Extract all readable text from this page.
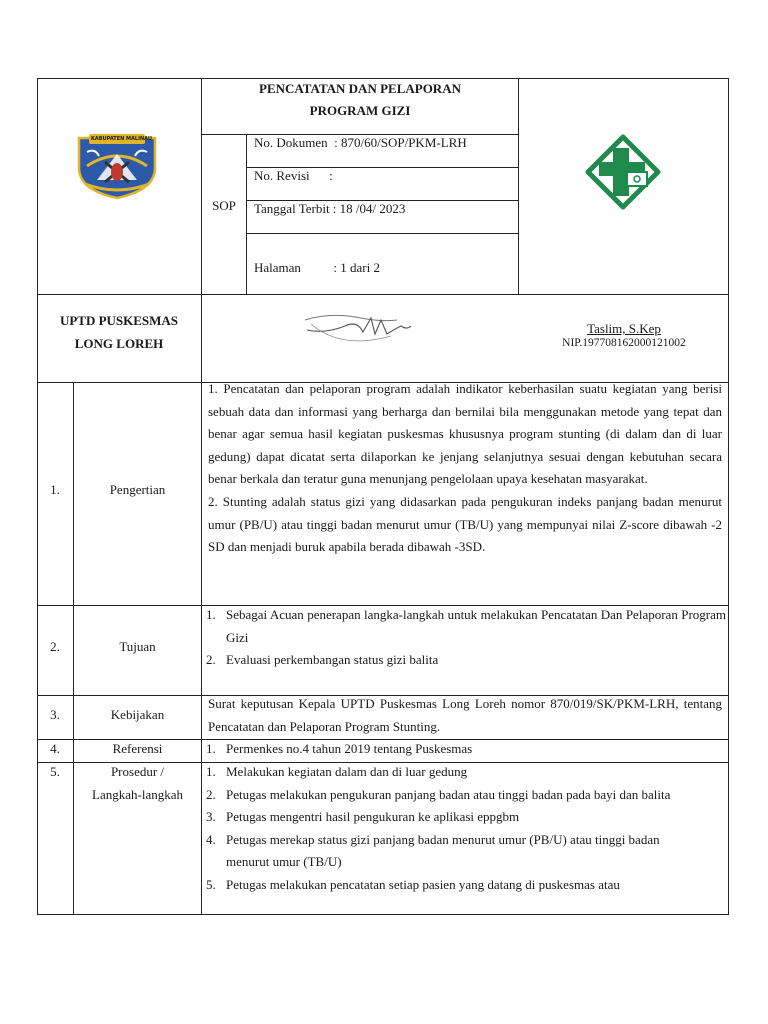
KABUPATEN MALINAU
PENCATATAN DAN PELAPORAN
PROGRAM GIZI
SOP
No. Dokumen  : 870/60/SOP/PKM-LRH
No. Revisi      :
Tanggal Terbit : 18 /04/ 2023
Halaman          : 1 dari 2
UPTD PUSKESMAS
LONG LOREH
Taslim, S.Kep
NIP.197708162000121002
1.	Pengertian

1. Pencatatan dan pelaporan program adalah indikator keberhasilan suatu kegiatan yang berisi sebuah data dan informasi yang berharga dan bernilai bila menggunakan metode yang tepat dan benar agar semua hasil kegiatan puskesmas khususnya program stunting (di dalam dan di luar gedung) dapat dicatat serta dilaporkan ke jenjang selanjutnya sesuai dengan kebutuhan secara benar berkala dan teratur guna menunjang pengelolaan upaya kesehatan masyarakat.

2. Stunting adalah status gizi yang didasarkan pada pengukuran indeks panjang badan menurut umur (PB/U) atau tinggi badan menurut umur (TB/U) yang mempunyai nilai Z-score dibawah -2 SD dan menjadi buruk apabila berada dibawah -3SD.

2.	Tujuan
1. Sebagai Acuan penerapan langka-langkah untuk melakukan Pencatatan Dan Pelaporan Program Gizi
2. Evaluasi perkembangan status gizi balita
3.	Kebijakan
Surat keputusan Kepala UPTD Puskesmas Long Loreh nomor 870/019/SK/PKM-LRH, tentang Pencatatan dan Pelaporan Program Stunting.
4.	Referensi	1. Permenkes no.4 tahun 2019 tentang Puskesmas
5.	Prosedur /
Langkah-langkah
1. Melakukan kegiatan dalam dan di luar gedung
2. Petugas melakukan pengukuran panjang badan atau tinggi badan pada bayi dan balita
3. Petugas mengentri hasil pengukuran ke aplikasi eppgbm
4. Petugas merekap status gizi panjang badan menurut umur (PB/U) atau tinggi badan menurut umur (TB/U)
5. Petugas melakukan pencatatan setiap pasien yang datang di puskesmas atau
